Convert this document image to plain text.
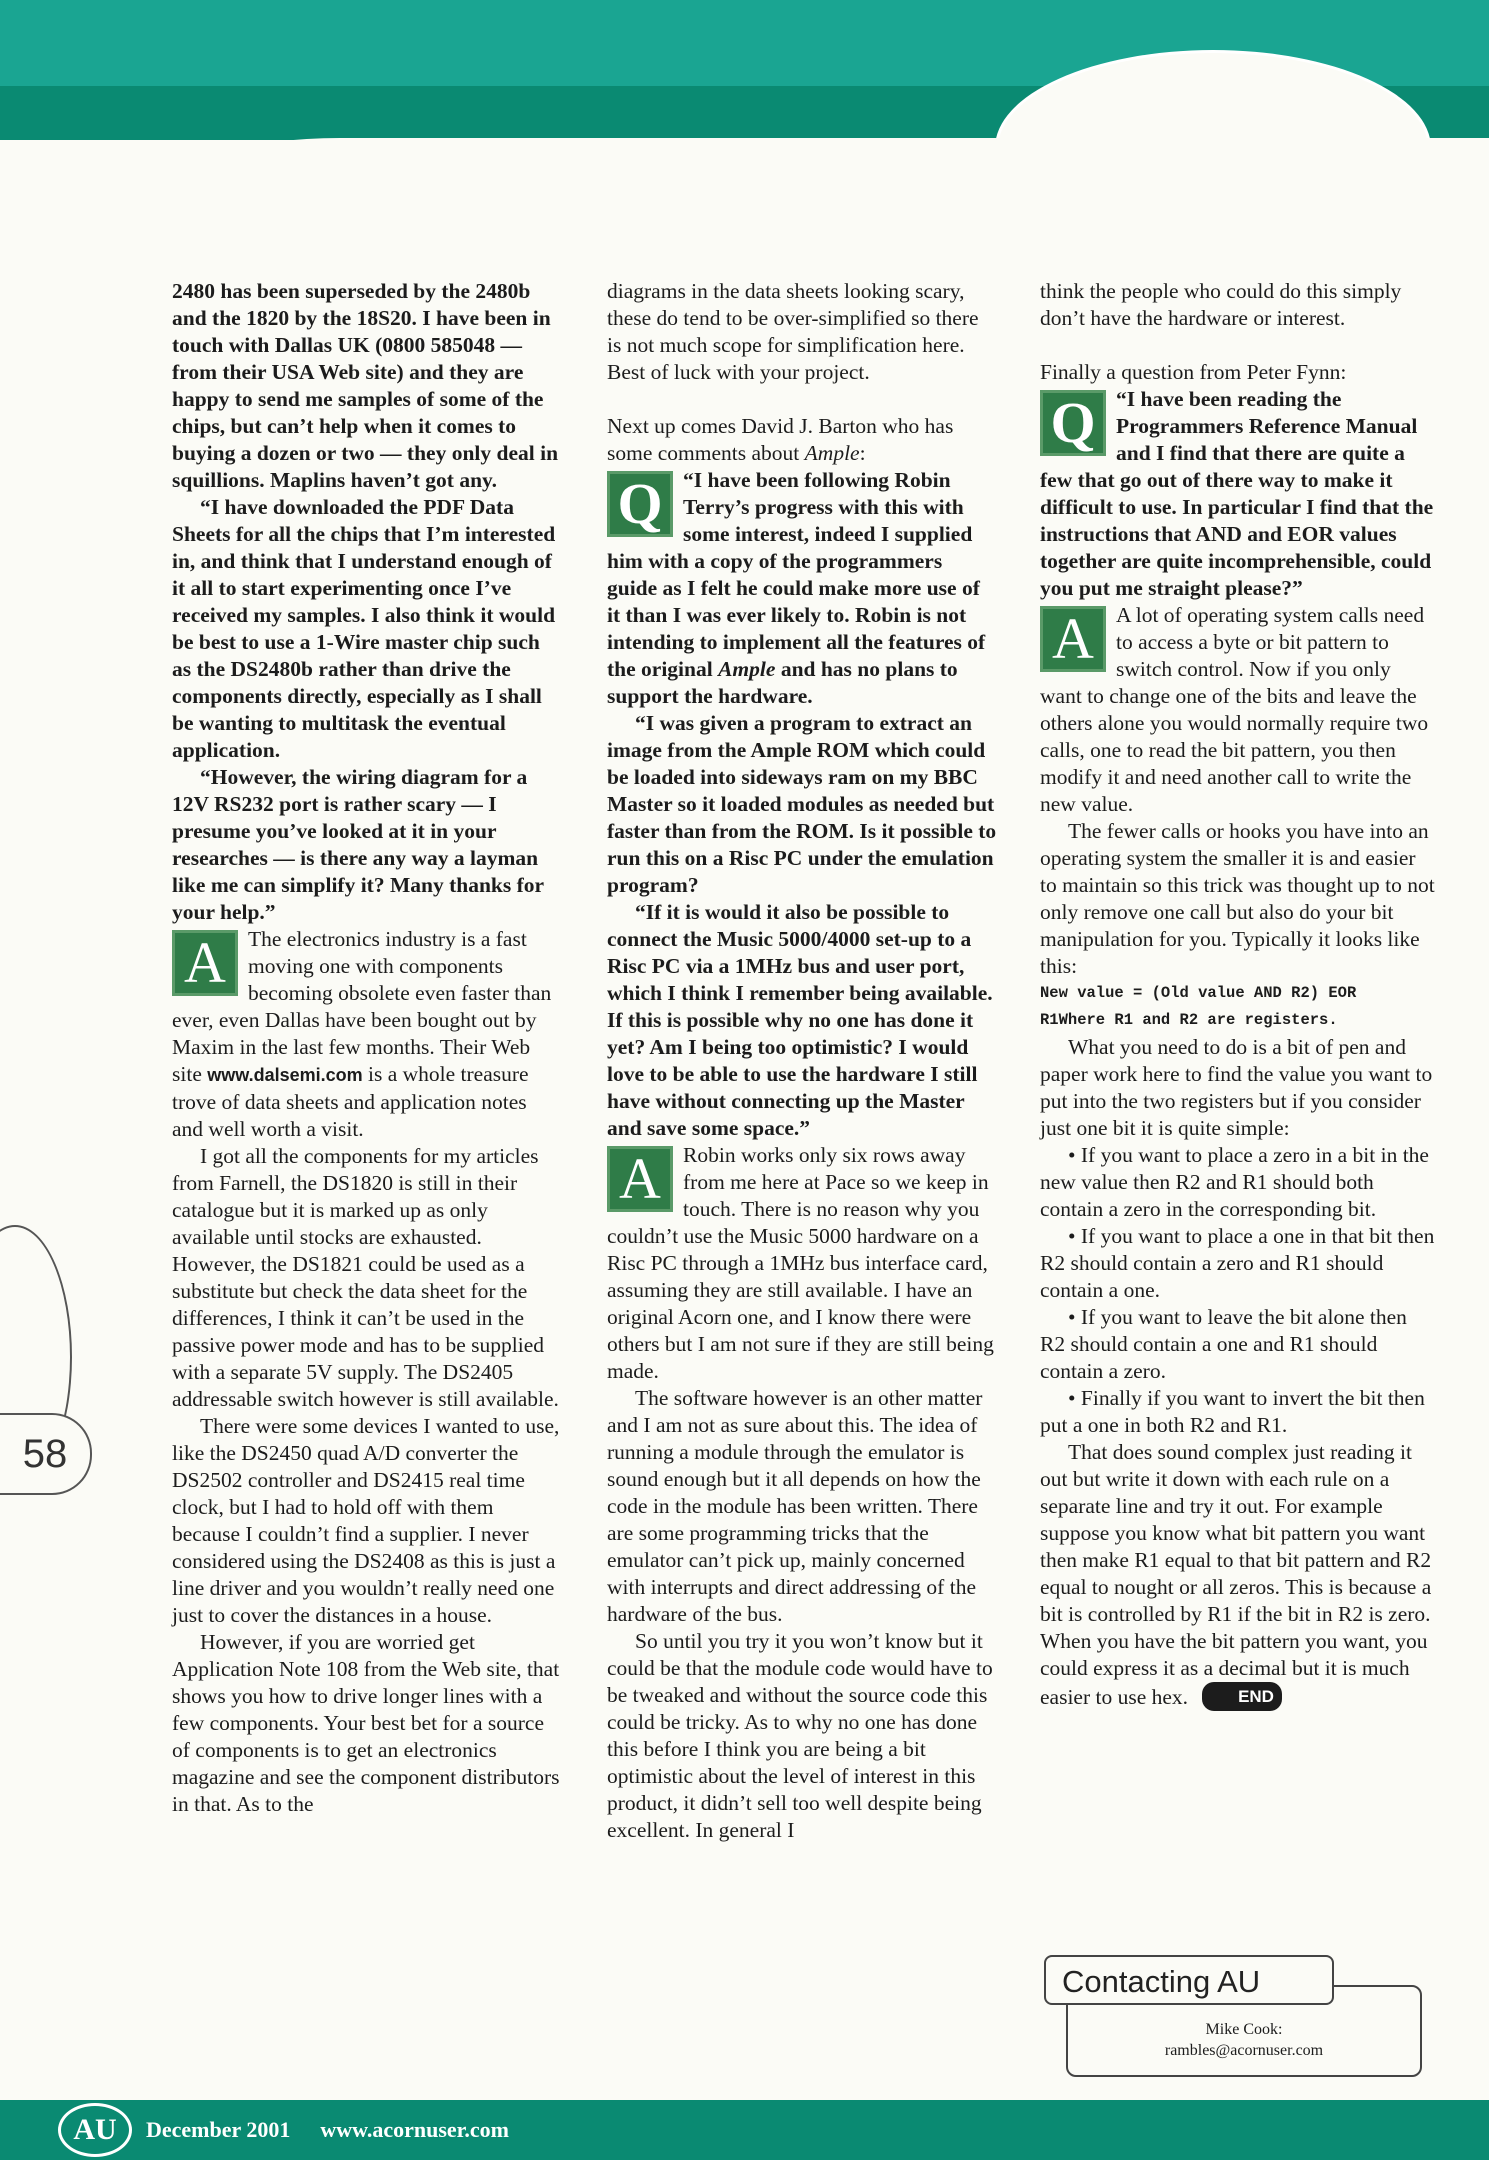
58

2480 has been superseded by the 2480b and the 1820 by the 18S20. I have been in touch with Dallas UK (0800 585048 — from their USA Web site) and they are happy to send me samples of some of the chips, but can’t help when it comes to buying a dozen or two — they only deal in squillions. Maplins haven’t got any.

“I have downloaded the PDF Data Sheets for all the chips that I’m interested in, and think that I understand enough of it all to start experimenting once I’ve received my samples. I also think it would be best to use a 1-Wire master chip such as the DS2480b rather than drive the components directly, especially as I shall be wanting to multitask the eventual application.

“However, the wiring diagram for a 12V RS232 port is rather scary — I presume you’ve looked at it in your researches — is there any way a layman like me can simplify it? Many thanks for your help.”

A	The electronics industry is a fast moving one with components becoming obsolete even faster than ever, even Dallas have been bought out by Maxim in the last few months. Their Web site www.dalsemi.com is a whole treasure trove of data sheets and application notes and well worth a visit.

I got all the components for my articles from Farnell, the DS1820 is still in their catalogue but it is marked up as only available until stocks are exhausted. However, the DS1821 could be used as a substitute but check the data sheet for the differences, I think it can’t be used in the passive power mode and has to be supplied with a separate 5V supply. The DS2405 addressable switch however is still available.

There were some devices I wanted to use, like the DS2450 quad A/D converter the DS2502 controller and DS2415 real time clock, but I had to hold off with them because I couldn’t find a supplier. I never considered using the DS2408 as this is just a line driver and you wouldn’t really need one just to cover the distances in a house.

However, if you are worried get Application Note 108 from the Web site, that shows you how to drive longer lines with a few components. Your best bet for a source of components is to get an electronics magazine and see the component distributors in that. As to the

diagrams in the data sheets looking scary, these do tend to be over-simplified so there is not much scope for simplification here. Best of luck with your project.

Next up comes David J. Barton who has some comments about Ample:

Q “I have been following Robin Terry’s progress with this with some interest, indeed I supplied him with a copy of the programmers guide as I felt he could make more use of it than I was ever likely to. Robin is not intending to implement all the features of the original Ample and has no plans to support the hardware.

“I was given a program to extract an image from the Ample ROM which could be loaded into sideways ram on my BBC Master so it loaded modules as needed but faster than from the ROM. Is it possible to run this on a Risc PC under the emulation program?

“If it is would it also be possible to connect the Music 5000/4000 set-up to a Risc PC via a 1MHz bus and user port, which I think I remember being available. If this is possible why no one has done it yet? Am I being too optimistic? I would love to be able to use the hardware I still have without connecting up the Master and save some space.”

A	Robin works only six rows away from me here at Pace so we keep in touch. There is no reason why you couldn’t use the Music 5000 hardware on a Risc PC through a 1MHz bus interface card, assuming they are still available. I have an original Acorn one, and I know there were others but I am not sure if they are still being made.

The software however is an other matter and I am not as sure about this. The idea of running a module through the emulator is sound enough but it all depends on how the code in the module has been written. There are some programming tricks that the emulator can’t pick up, mainly concerned with interrupts and direct addressing of the hardware of the bus.

So until you try it you won’t know but it could be that the module code would have to be tweaked and without the source code this could be tricky. As to why no one has done this before I think you are being a bit optimistic about the level of interest in this product, it didn’t sell too well despite being excellent. In general I

think the people who could do this simply don’t have the hardware or interest.

Finally a question from Peter Fynn:

Q “I have been reading the Programmers Reference Manual and I find that there are quite a few that go out of there way to make it difficult to use. In particular I find that the instructions that AND and EOR values together are quite incomprehensible, could you put me straight please?”

A	A lot of operating system calls need to access a byte or bit pattern to switch control. Now if you only want to change one of the bits and leave the others alone you would normally require two calls, one to read the bit pattern, you then modify it and need another call to write the new value.

The fewer calls or hooks you have into an operating system the smaller it is and easier to maintain so this trick was thought up to not only remove one call but also do your bit manipulation for you. Typically it looks like this:

New value = (Old value AND R2) EOR

R1Where R1 and R2 are registers.

What you need to do is a bit of pen and paper work here to find the value you want to put into the two registers but if you consider just one bit it is quite simple:

• If you want to place a zero in a bit in the new value then R2 and R1 should both contain a zero in the corresponding bit.

• If you want to place a one in that bit then R2 should contain a zero and R1 should contain a one.

• If you want to leave the bit alone then R2 should contain a one and R1 should contain a zero.

• Finally if you want to invert the bit then put a one in both R2 and R1.

That does sound complex just reading it out but write it down with each rule on a separate line and try it out. For example suppose you know what bit pattern you want then make R1 equal to that bit pattern and R2 equal to nought or all zeros. This is because a bit is controlled by R1 if the bit in R2 is zero. When you have the bit pattern you want, you could express it as a decimal but it is much easier to use hex.	END

Contacting AU
Mike Cook:
rambles@acornuser.com
AU	December 2001 www.acornuser.com
